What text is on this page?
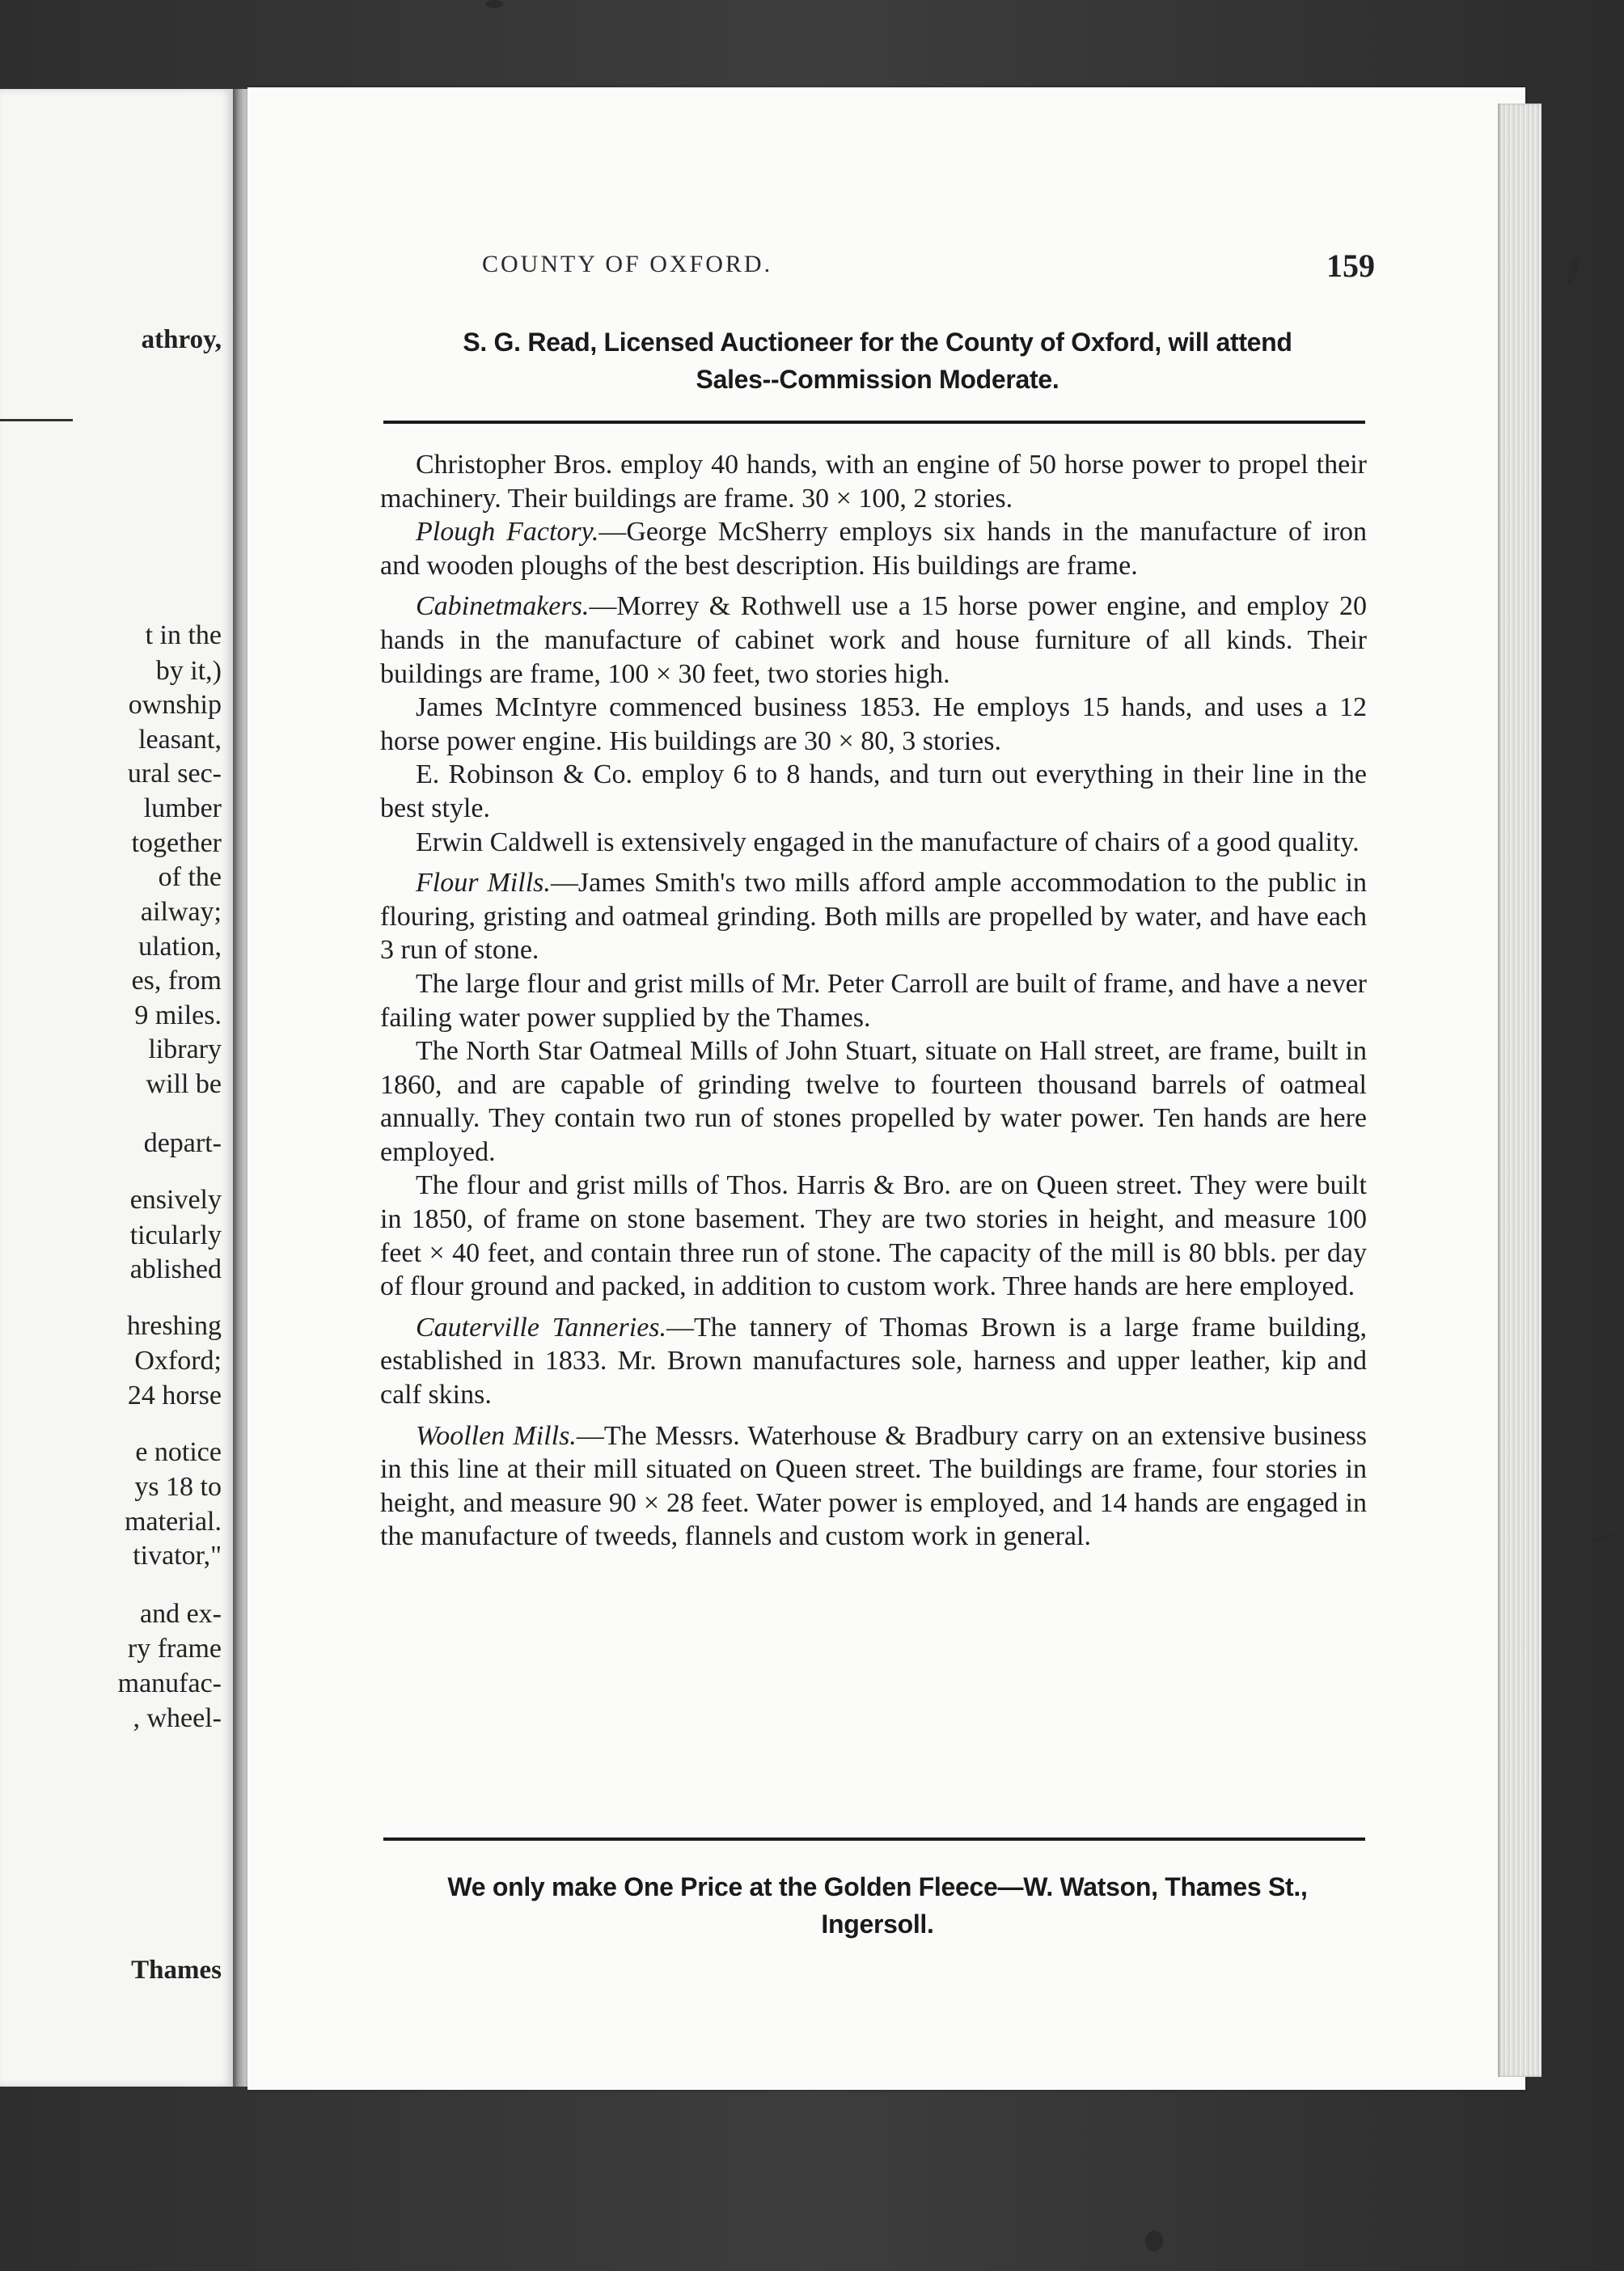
athroy,
t in the
by it,)
ownship
leasant,
ural sec-
lumber
together
of the
ailway;
ulation,
es, from
9 miles.
library
will be
depart-
ensively
ticularly
ablished
hreshing
Oxford;
24 horse
e notice
ys 18 to
material.
tivator,"
and ex-
ry frame
manufac-
, wheel-
Thames
COUNTY OF OXFORD.	159
S. G. Read, Licensed Auctioneer for the County of Oxford, will attend
Sales--Commission Moderate.

Christopher Bros. employ 40 hands, with an engine of 50 horse power to propel their machinery. Their buildings are frame. 30 × 100, 2 stories.

Plough Factory.—George McSherry employs six hands in the manufacture of iron and wooden ploughs of the best description. His buildings are frame.

Cabinetmakers.—Morrey & Rothwell use a 15 horse power engine, and employ 20 hands in the manufacture of cabinet work and house furniture of all kinds. Their buildings are frame, 100 × 30 feet, two stories high.

James McIntyre commenced business 1853. He employs 15 hands, and uses a 12 horse power engine. His buildings are 30 × 80, 3 stories.

E. Robinson & Co. employ 6 to 8 hands, and turn out everything in their line in the best style.

Erwin Caldwell is extensively engaged in the manufacture of chairs of a good quality.

Flour Mills.—James Smith's two mills afford ample accommodation to the public in flouring, gristing and oatmeal grinding. Both mills are propelled by water, and have each 3 run of stone.

The large flour and grist mills of Mr. Peter Carroll are built of frame, and have a never failing water power supplied by the Thames.

The North Star Oatmeal Mills of John Stuart, situate on Hall street, are frame, built in 1860, and are capable of grinding twelve to fourteen thousand barrels of oatmeal annually. They contain two run of stones propelled by water power. Ten hands are here employed.

The flour and grist mills of Thos. Harris & Bro. are on Queen street. They were built in 1850, of frame on stone basement. They are two stories in height, and measure 100 feet × 40 feet, and contain three run of stone. The capacity of the mill is 80 bbls. per day of flour ground and packed, in addition to custom work. Three hands are here employed.

Cauterville Tanneries.—The tannery of Thomas Brown is a large frame building, established in 1833. Mr. Brown manufactures sole, harness and upper leather, kip and calf skins.

Woollen Mills.—The Messrs. Waterhouse & Bradbury carry on an extensive business in this line at their mill situated on Queen street. The buildings are frame, four stories in height, and measure 90 × 28 feet. Water power is employed, and 14 hands are engaged in the manufacture of tweeds, flannels and custom work in general.

We only make One Price at the Golden Fleece—W. Watson, Thames St.,
Ingersoll.
